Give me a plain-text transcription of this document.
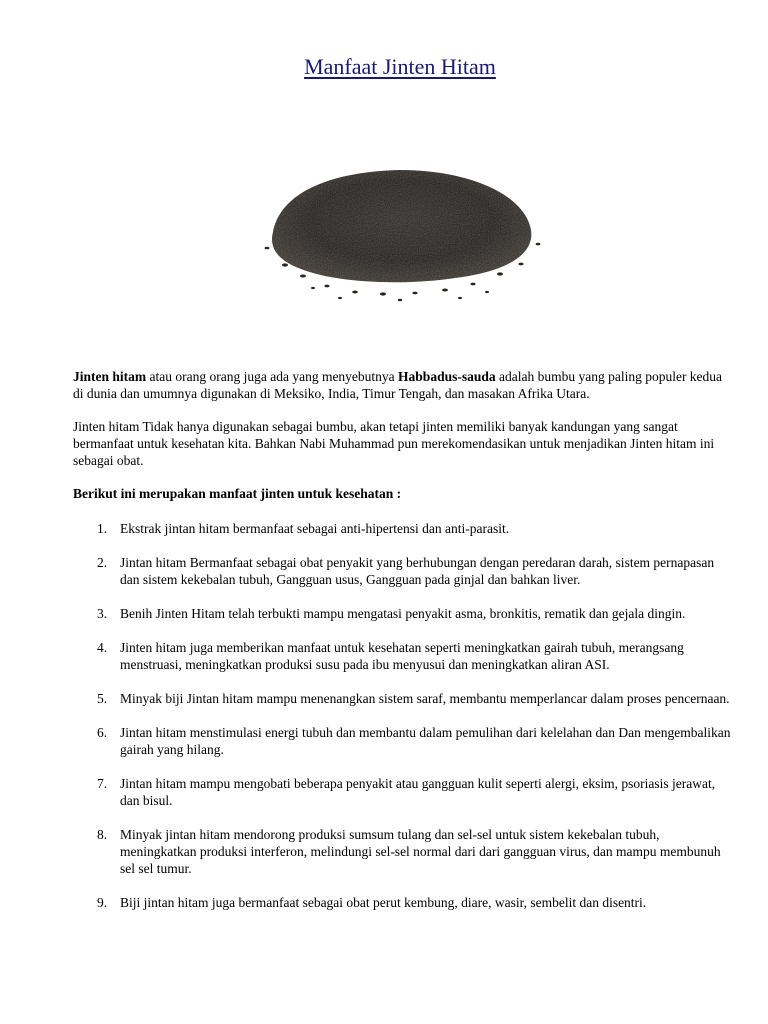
Manfaat Jinten Hitam

Jinten hitam atau orang orang juga ada yang menyebutnya Habbadus-sauda adalah bumbu yang paling populer kedua di dunia dan umumnya digunakan di Meksiko, India, Timur Tengah, dan masakan Afrika Utara.

Jinten hitam Tidak hanya digunakan sebagai bumbu, akan tetapi jinten memiliki banyak kandungan yang sangat bermanfaat untuk kesehatan kita. Bahkan Nabi Muhammad pun merekomendasikan untuk menjadikan Jinten hitam ini sebagai obat.

Berikut ini merupakan manfaat jinten untuk kesehatan :

1. Ekstrak jintan hitam bermanfaat sebagai anti-hipertensi dan anti-parasit.
2. Jintan hitam Bermanfaat sebagai obat penyakit yang berhubungan dengan peredaran darah, sistem pernapasan dan sistem kekebalan tubuh, Gangguan usus, Gangguan pada ginjal dan bahkan liver.
3. Benih Jinten Hitam telah terbukti mampu mengatasi penyakit asma, bronkitis, rematik dan gejala dingin.
4. Jinten hitam juga memberikan manfaat untuk kesehatan seperti meningkatkan gairah tubuh, merangsang menstruasi, meningkatkan produksi susu pada ibu menyusui dan meningkatkan aliran ASI.
5. Minyak biji Jintan hitam mampu menenangkan sistem saraf, membantu memperlancar dalam proses pencernaan.
6. Jintan hitam menstimulasi energi tubuh dan membantu dalam pemulihan dari kelelahan dan Dan mengembalikan gairah yang hilang.
7. Jintan hitam mampu mengobati beberapa penyakit atau gangguan kulit seperti alergi, eksim, psoriasis jerawat, dan bisul.
8. Minyak jintan hitam mendorong produksi sumsum tulang dan sel-sel untuk sistem kekebalan tubuh, meningkatkan produksi interferon, melindungi sel-sel normal dari dari gangguan virus, dan mampu membunuh sel sel tumur.
9. Biji jintan hitam juga bermanfaat sebagai obat perut kembung, diare, wasir, sembelit dan disentri.
